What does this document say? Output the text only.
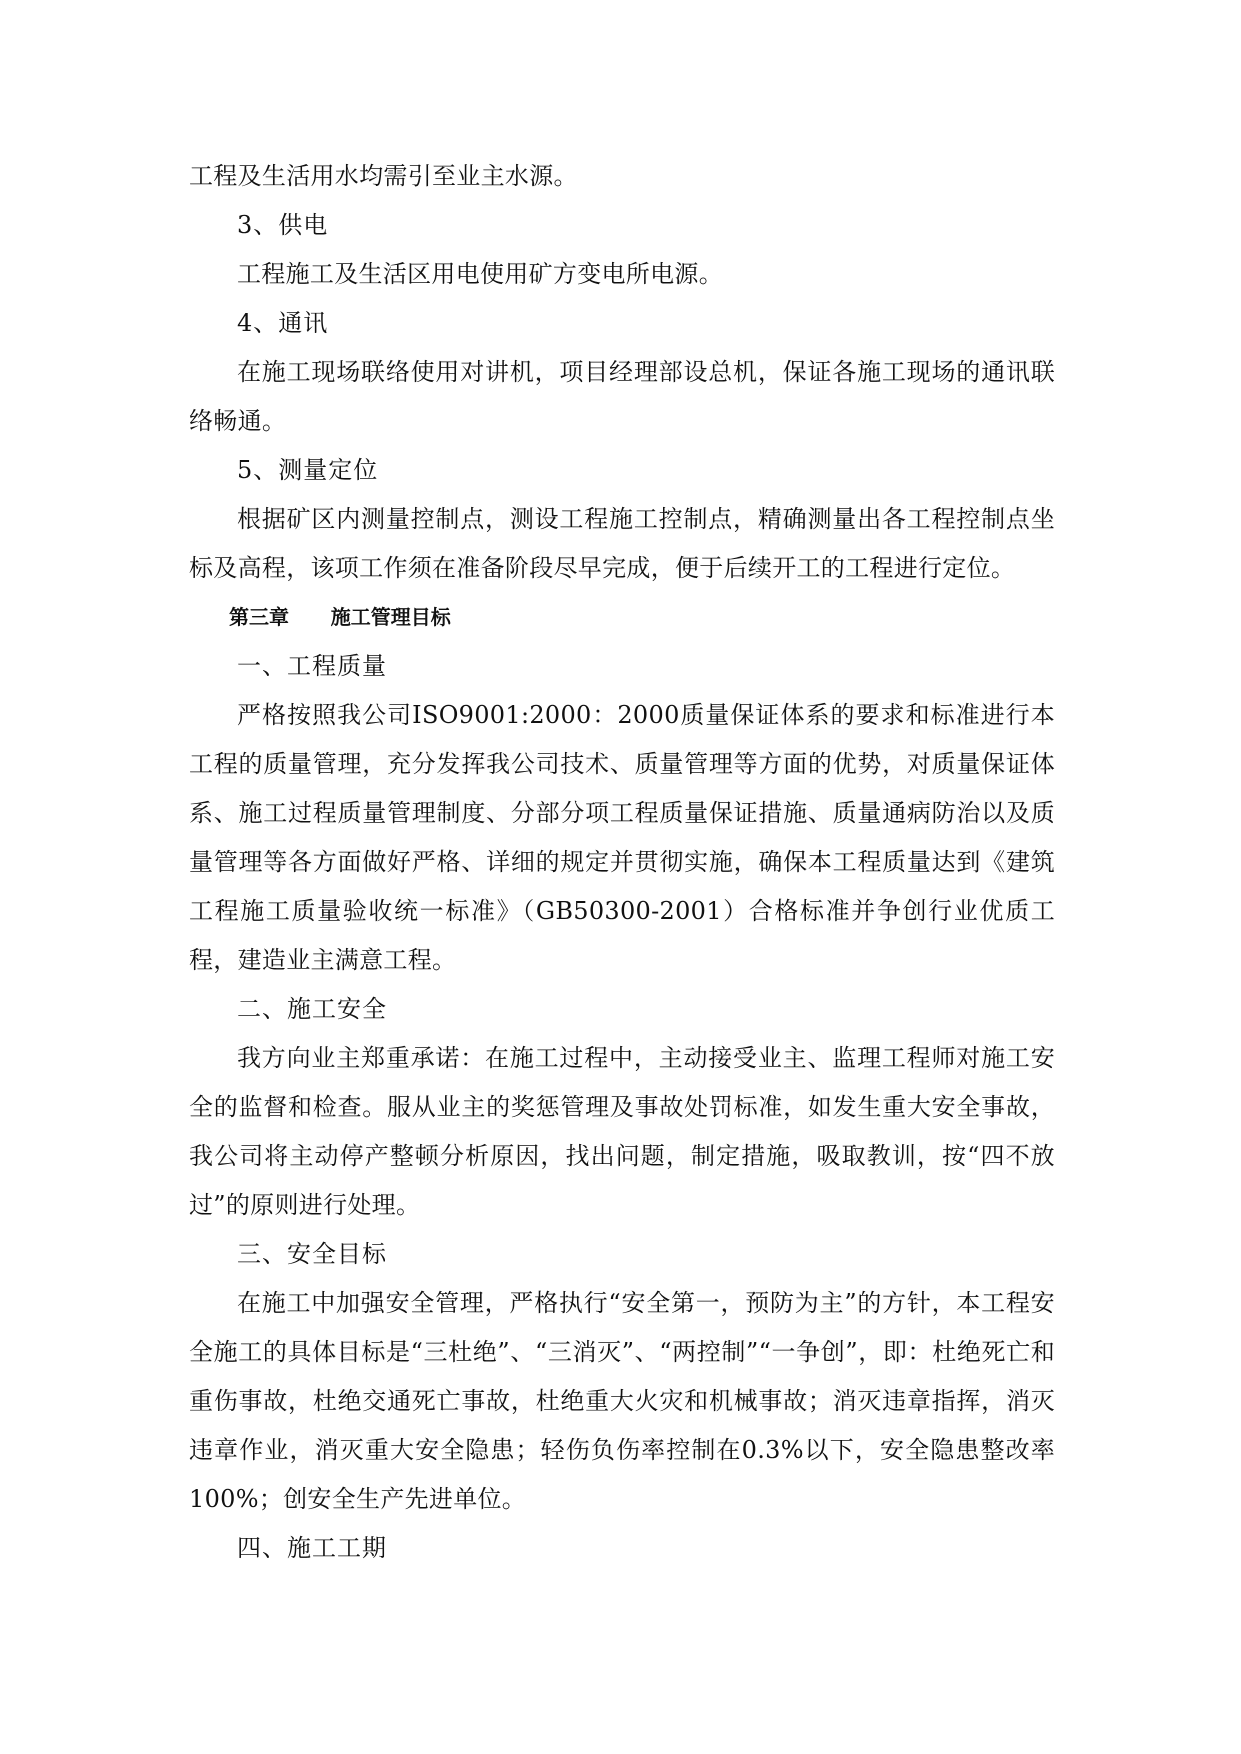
工程及生活用水均需引至业主水源。

3、供电

工程施工及生活区用电使用矿方变电所电源。

4、通讯

在施工现场联络使用对讲机，项目经理部设总机，保证各施工现场的通讯联络畅通。

5、测量定位

根据矿区内测量控制点，测设工程施工控制点，精确测量出各工程控制点坐标及高程，该项工作须在准备阶段尽早完成，便于后续开工的工程进行定位。

第三章      施工管理目标

一、工程质量

严格按照我公司ISO9001:2000：2000质量保证体系的要求和标准进行本工程的质量管理，充分发挥我公司技术、质量管理等方面的优势，对质量保证体系、施工过程质量管理制度、分部分项工程质量保证措施、质量通病防治以及质量管理等各方面做好严格、详细的规定并贯彻实施，确保本工程质量达到《建筑工程施工质量验收统一标准》（GB50300-2001）合格标准并争创行业优质工程，建造业主满意工程。

二、施工安全

我方向业主郑重承诺：在施工过程中，主动接受业主、监理工程师对施工安全的监督和检查。服从业主的奖惩管理及事故处罚标准，如发生重大安全事故，我公司将主动停产整顿分析原因，找出问题，制定措施，吸取教训，按“四不放过”的原则进行处理。

三、安全目标

在施工中加强安全管理，严格执行“安全第一，预防为主”的方针，本工程安全施工的具体目标是“三杜绝”、“三消灭”、“两控制”“一争创”，即：杜绝死亡和重伤事故，杜绝交通死亡事故，杜绝重大火灾和机械事故；消灭违章指挥，消灭违章作业，消灭重大安全隐患；轻伤负伤率控制在0.3%以下，安全隐患整改率100%；创安全生产先进单位。

四、施工工期
